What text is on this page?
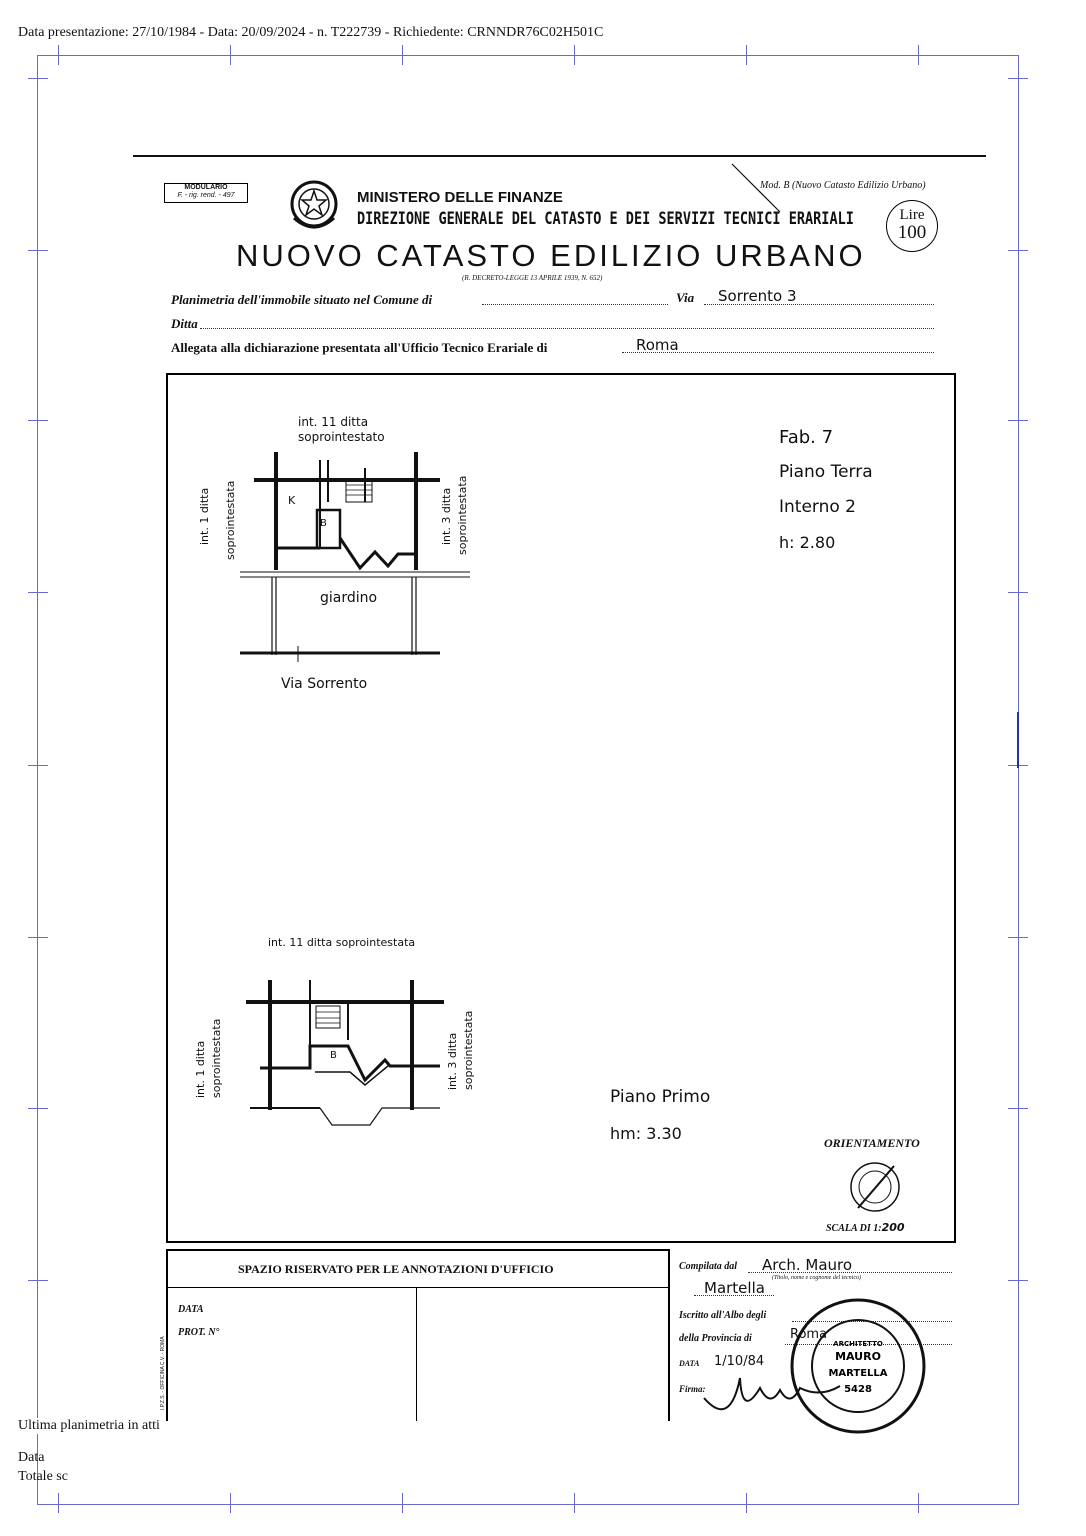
Data presentazione: 27/10/1984 - Data: 20/09/2024 - n. T222739 - Richiedente: CRNNDR76C02H501C
MODULARIO
F. - rig. rend. - 497	MINISTERO DELLE FINANZE
DIREZIONE GENERALE DEL CATASTO E DEI SERVIZI TECNICI ERARIALI
NUOVO CATASTO EDILIZIO URBANO
(R. DECRETO-LEGGE 13 APRILE 1939, N. 652)
Mod. B (Nuovo Catasto Edilizio Urbano)
Lire
100
Planimetria dell'immobile situato nel Comune di	Via Sorrento 3
Ditta
Allegata alla dichiarazione presentata all'Ufficio Tecnico Erariale di	Roma
int. 11 ditta
soprointestato
int. 1 ditta soprointestata	int. 3 ditta soprointestata
K
B
giardino
Via Sorrento
Fab. 7
Piano Terra
Interno 2
h: 2.80
int. 11 ditta soprointestata
int. 1 ditta soprointestata	int. 3 ditta soprointestata
B
Piano Primo
hm: 3.30	ORIENTAMENTO
SCALA DI 1:200
SPAZIO RISERVATO PER LE ANNOTAZIONI D'UFFICIO
DATA
PROT. N°
I.P.Z.S. - OFFICINA C.V. - ROMA
Compilata dal Arch. Mauro
Martella
(Titolo, nome e cognome del tecnico)
Iscritto all'Albo degli
della Provincia di	Roma
DATA 1/10/84
Firma:
ARCHITETTO
MAURO
MARTELLA
5428
Ultima planimetria in atti
Data
Totale sc
